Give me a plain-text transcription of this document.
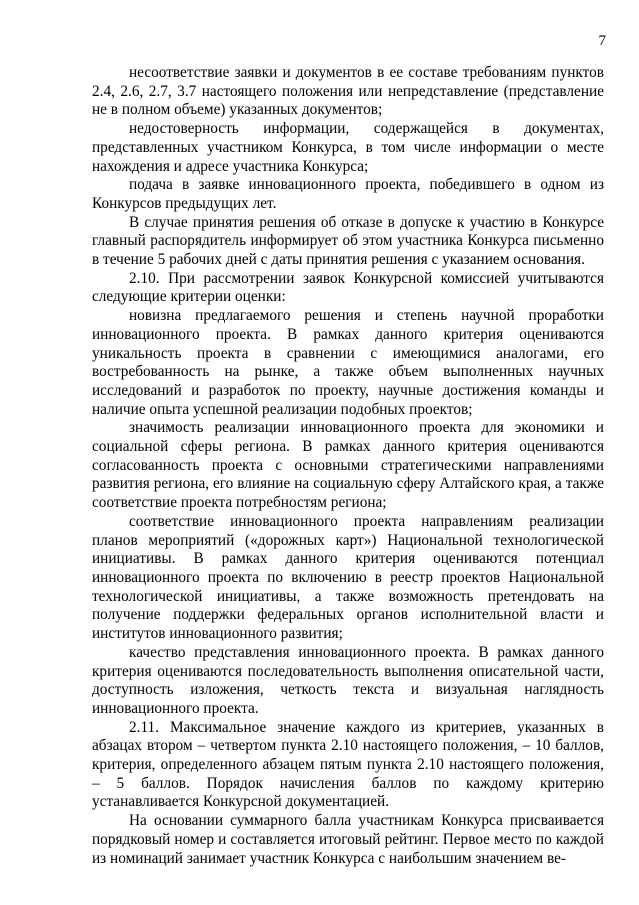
7

несоответствие заявки и документов в ее составе требованиям пунктов 2.4, 2.6, 2.7, 3.7 настоящего положения или непредставление (представление не в полном объеме) указанных документов;

недостоверность информации, содержащейся в документах, представленных участником Конкурса, в том числе информации о месте нахождения и адресе участника Конкурса;

подача в заявке инновационного проекта, победившего в одном из Конкурсов предыдущих лет.

В случае принятия решения об отказе в допуске к участию в Конкурсе главный распорядитель информирует об этом участника Конкурса письменно в течение 5 рабочих дней с даты принятия решения с указанием основания.

2.10. При рассмотрении заявок Конкурсной комиссией учитываются следующие критерии оценки:

новизна предлагаемого решения и степень научной проработки инновационного проекта. В рамках данного критерия оцениваются уникальность проекта в сравнении с имеющимися аналогами, его востребованность на рынке, а также объем выполненных научных исследований и разработок по проекту, научные достижения команды и наличие опыта успешной реализации подобных проектов;

значимость реализации инновационного проекта для экономики и социальной сферы региона. В рамках данного критерия оцениваются согласованность проекта с основными стратегическими направлениями развития региона, его влияние на социальную сферу Алтайского края, а также соответствие проекта потребностям региона;

соответствие инновационного проекта направлениям реализации планов мероприятий («дорожных карт») Национальной технологической инициативы. В рамках данного критерия оцениваются потенциал инновационного проекта по включению в реестр проектов Национальной технологической инициативы, а также возможность претендовать на получение поддержки федеральных органов исполнительной власти и институтов инновационного развития;

качество представления инновационного проекта. В рамках данного критерия оцениваются последовательность выполнения описательной части, доступность изложения, четкость текста и визуальная наглядность инновационного проекта.

2.11. Максимальное значение каждого из критериев, указанных в абзацах втором – четвертом пункта 2.10 настоящего положения, – 10 баллов, критерия, определенного абзацем пятым пункта 2.10 настоящего положения, – 5 баллов. Порядок начисления баллов по каждому критерию устанавливается Конкурсной документацией.

На основании суммарного балла участникам Конкурса присваивается порядковый номер и составляется итоговый рейтинг. Первое место по каждой из номинаций занимает участник Конкурса с наибольшим значением ве-
